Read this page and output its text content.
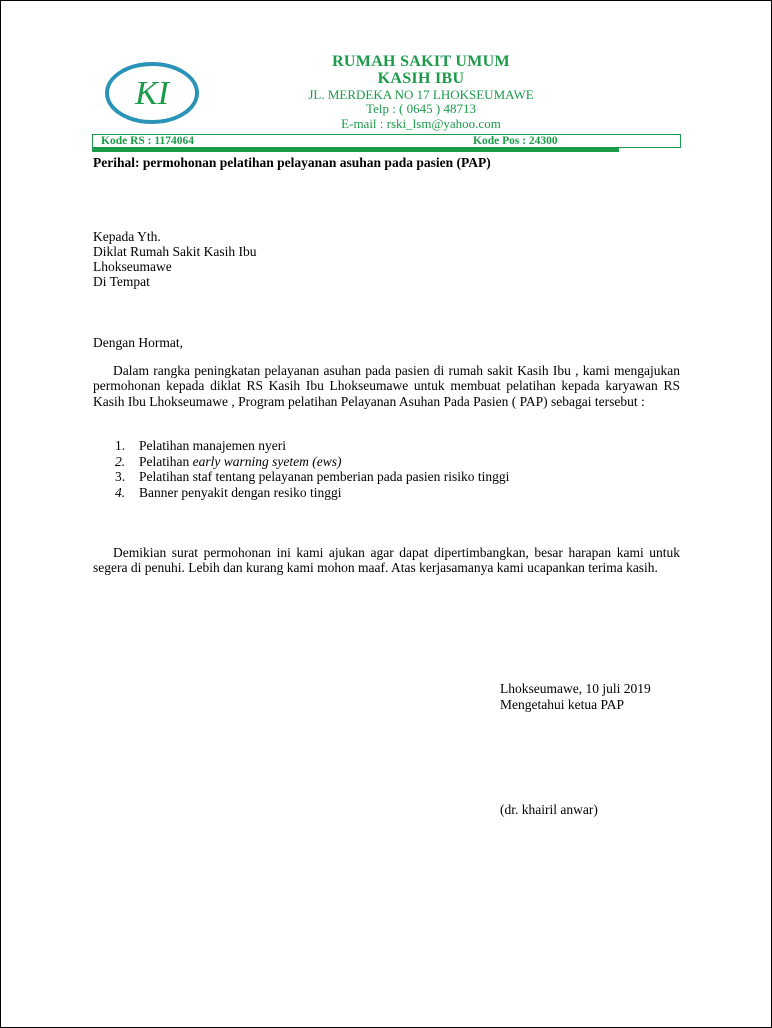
KI
RUMAH SAKIT UMUM
KASIH IBU
JL. MERDEKA NO 17 LHOKSEUMAWE
Telp : ( 0645 ) 48713
E-mail : rski_lsm@yahoo.com
Kode RS : 1174064	Kode Pos : 24300
Perihal: permohonan pelatihan pelayanan asuhan pada pasien (PAP)
Kepada Yth.
Diklat Rumah Sakit Kasih Ibu
Lhokseumawe
Di Tempat
Dengan Hormat,
Dalam rangka peningkatan pelayanan asuhan pada pasien di rumah sakit Kasih Ibu , kami mengajukan permohonan kepada diklat RS Kasih Ibu Lhokseumawe untuk membuat pelatihan kepada karyawan RS Kasih Ibu Lhokseumawe , Program pelatihan Pelayanan Asuhan Pada Pasien ( PAP) sebagai tersebut :
1. Pelatihan manajemen nyeri
2. Pelatihan early warning syetem (ews)
3. Pelatihan staf tentang pelayanan pemberian pada pasien risiko tinggi
4. Banner penyakit dengan resiko tinggi
Demikian surat permohonan ini kami ajukan agar dapat dipertimbangkan, besar harapan kami untuk segera di penuhi. Lebih dan kurang kami mohon maaf. Atas kerjasamanya kami ucapankan terima kasih.
Lhokseumawe, 10 juli 2019
Mengetahui ketua PAP
(dr. khairil anwar)
